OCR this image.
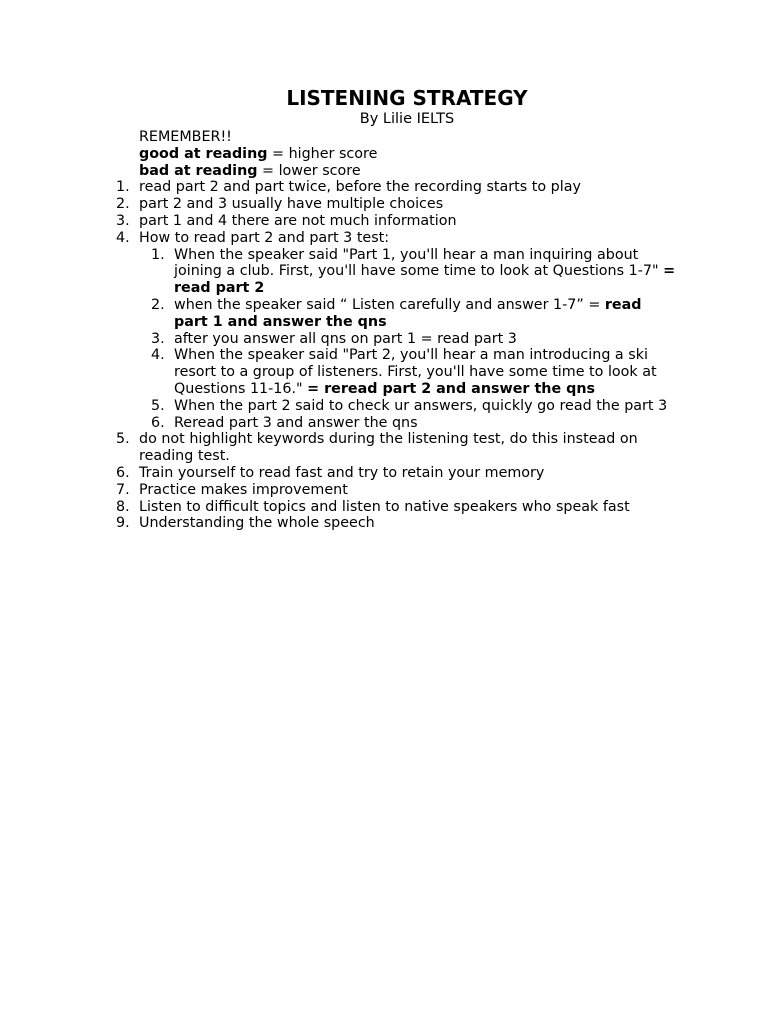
LISTENING STRATEGY
By Lilie IELTS
REMEMBER!!
good at reading = higher score
bad at reading = lower score
1. read part 2 and part twice, before the recording starts to play
2. part 2 and 3 usually have multiple choices
3. part 1 and 4 there are not much information
4. How to read part 2 and part 3 test:
1. When the speaker said "Part 1, you'll hear a man inquiring about
joining a club. First, you'll have some time to look at Questions 1-7" =
read part 2
2. when the speaker said “ Listen carefully and answer 1-7” = read
part 1 and answer the qns
3. after you answer all qns on part 1 = read part 3
4. When the speaker said "Part 2, you'll hear a man introducing a ski
resort to a group of listeners. First, you'll have some time to look at
Questions 11-16." = reread part 2 and answer the qns
5. When the part 2 said to check ur answers, quickly go read the part 3
6. Reread part 3 and answer the qns
5. do not highlight keywords during the listening test, do this instead on
reading test.
6. Train yourself to read fast and try to retain your memory
7. Practice makes improvement
8. Listen to difficult topics and listen to native speakers who speak fast
9. Understanding the whole speech
